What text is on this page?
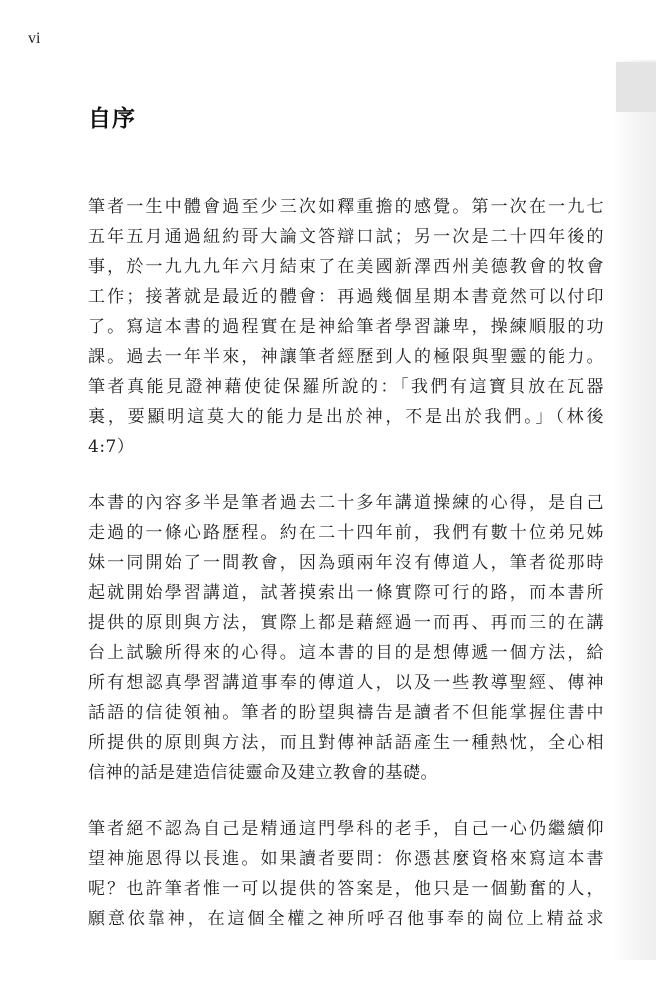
vi
自序
筆者一生中體會過至少三次如釋重擔的感覺。第一次在一九七
五年五月通過紐約哥大論文答辯口試；另一次是二十四年後的
事，於一九九九年六月結束了在美國新澤西州美德教會的牧會
工作；接著就是最近的體會：再過幾個星期本書竟然可以付印
了。寫這本書的過程實在是神給筆者學習謙卑，操練順服的功
課。過去一年半來，神讓筆者經歷到人的極限與聖靈的能力。
筆者真能見證神藉使徒保羅所說的：「我們有這寶貝放在瓦器
裏，要顯明這莫大的能力是出於神，不是出於我們。」（林後
4:7）
本書的內容多半是筆者過去二十多年講道操練的心得，是自己
走過的一條心路歷程。約在二十四年前，我們有數十位弟兄姊
妹一同開始了一間教會，因為頭兩年沒有傳道人，筆者從那時
起就開始學習講道，試著摸索出一條實際可行的路，而本書所
提供的原則與方法，實際上都是藉經過一而再、再而三的在講
台上試驗所得來的心得。這本書的目的是想傳遞一個方法，給
所有想認真學習講道事奉的傳道人，以及一些教導聖經、傳神
話語的信徒領袖。筆者的盼望與禱告是讀者不但能掌握住書中
所提供的原則與方法，而且對傳神話語產生一種熱忱，全心相
信神的話是建造信徒靈命及建立教會的基礎。
筆者絕不認為自己是精通這門學科的老手，自己一心仍繼續仰
望神施恩得以長進。如果讀者要問：你憑甚麼資格來寫這本書
呢？也許筆者惟一可以提供的答案是，他只是一個勤奮的人，
願意依靠神，在這個全權之神所呼召他事奉的崗位上精益求
